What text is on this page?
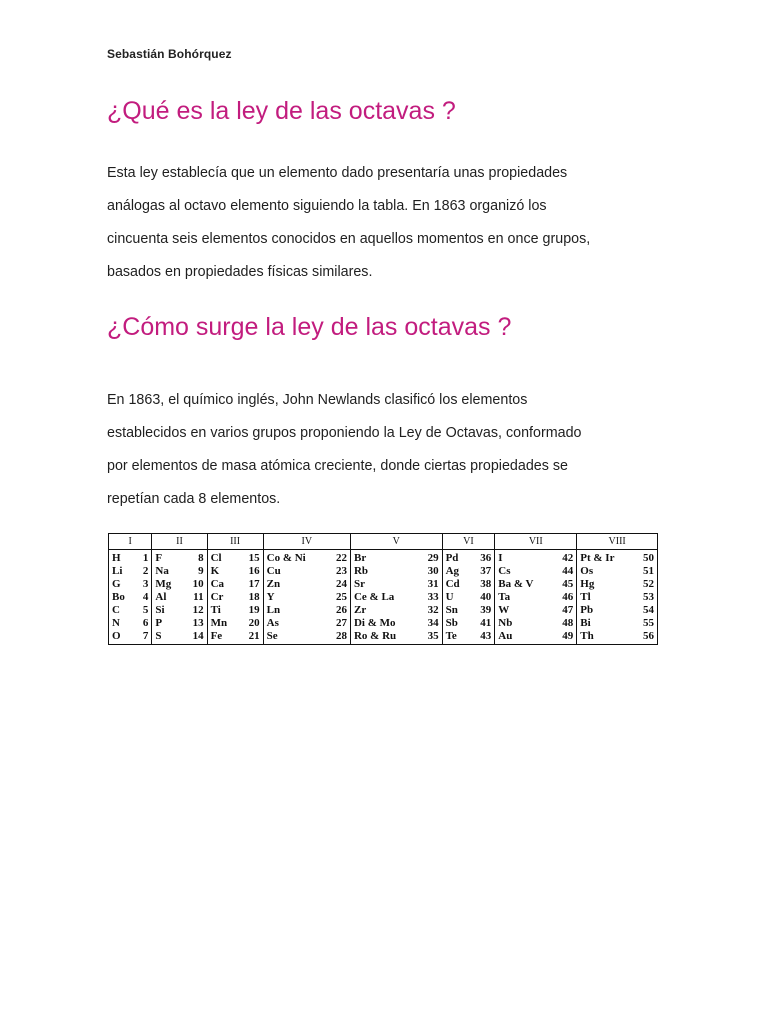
Sebastián Bohórquez
¿Qué es la ley de las octavas ?

Esta ley establecía que un elemento dado presentaría unas propiedades
análogas al octavo elemento siguiendo la tabla. En 1863 organizó los
cincuenta seis elementos conocidos en aquellos momentos en once grupos,
basados en propiedades físicas similares.

¿Cómo surge la ley de las octavas ?

En 1863, el químico inglés, John Newlands clasificó los elementos
establecidos en varios grupos proponiendo la Ley de Octavas, conformado
por elementos de masa atómica creciente, donde ciertas propiedades se
repetían cada 8 elementos.

I		II		III		IV		V		VI		VII		VIII	
H	1	F	8	Cl	15	Co & Ni	22	Br	29	Pd	36	I	42	Pt & Ir	50
Li	2	Na	9	K	16	Cu	23	Rb	30	Ag	37	Cs	44	Os	51
G	3	Mg	10	Ca	17	Zn	24	Sr	31	Cd	38	Ba & V	45	Hg	52
Bo	4	Al	11	Cr	18	Y	25	Ce & La	33	U	40	Ta	46	Tl	53
C	5	Si	12	Ti	19	Ln	26	Zr	32	Sn	39	W	47	Pb	54
N	6	P	13	Mn	20	As	27	Di & Mo	34	Sb	41	Nb	48	Bi	55
O	7	S	14	Fe	21	Se	28	Ro & Ru	35	Te	43	Au	49	Th	56
